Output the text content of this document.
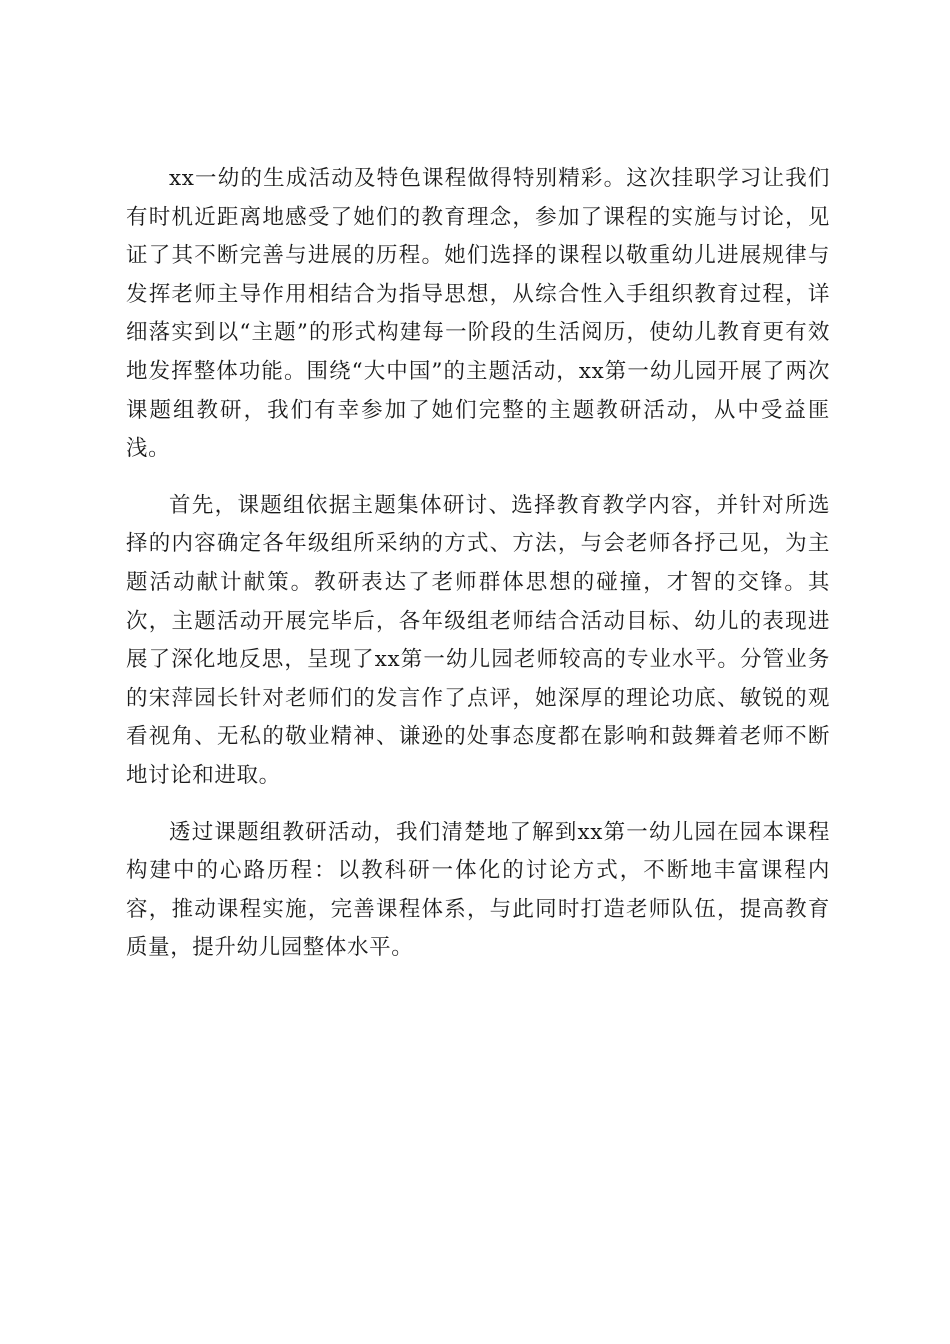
xx一幼的生成活动及特色课程做得特别精彩。这次挂职学习让我们有时机近距离地感受了她们的教育理念，参加了课程的实施与讨论，见证了其不断完善与进展的历程。她们选择的课程以敬重幼儿进展规律与发挥老师主导作用相结合为指导思想，从综合性入手组织教育过程，详细落实到以“主题”的形式构建每一阶段的生活阅历，使幼儿教育更有效地发挥整体功能。围绕“大中国”的主题活动，xx第一幼儿园开展了两次课题组教研，我们有幸参加了她们完整的主题教研活动，从中受益匪浅。

首先，课题组依据主题集体研讨、选择教育教学内容，并针对所选择的内容确定各年级组所采纳的方式、方法，与会老师各抒己见，为主题活动献计献策。教研表达了老师群体思想的碰撞，才智的交锋。其次，主题活动开展完毕后，各年级组老师结合活动目标、幼儿的表现进展了深化地反思，呈现了xx第一幼儿园老师较高的专业水平。分管业务的宋萍园长针对老师们的发言作了点评，她深厚的理论功底、敏锐的观看视角、无私的敬业精神、谦逊的处事态度都在影响和鼓舞着老师不断地讨论和进取。

透过课题组教研活动，我们清楚地了解到xx第一幼儿园在园本课程构建中的心路历程：以教科研一体化的讨论方式，不断地丰富课程内容，推动课程实施，完善课程体系，与此同时打造老师队伍，提高教育质量，提升幼儿园整体水平。
